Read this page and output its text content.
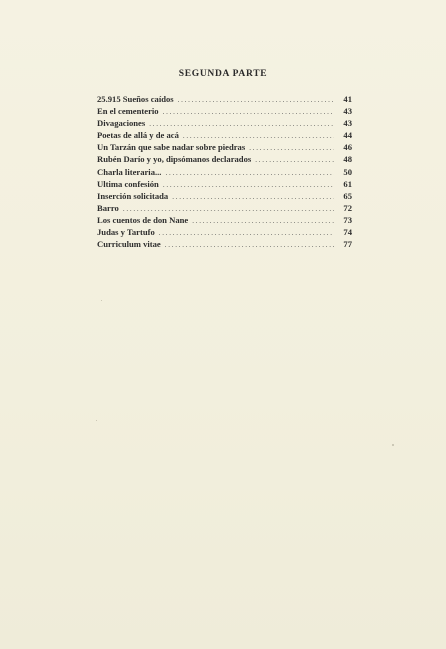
SEGUNDA PARTE
25.915 Sueños caídos . . .	41
En el cementerio . . .	43
Divagaciones . . .	43
Poetas de allá y de acá . . .	44
Un Tarzán que sabe nadar sobre piedras . . .	46
Rubén Darío y yo, dipsómanos declarados . . .	48
Charla literaria... . . .	50
Ultima confesión . . .	61
Inserción solicitada . . .	65
Barro . . .	72
Los cuentos de don Nane . . .	73
Judas y Tartufo . . .	74
Curriculum vitae . . .	77
